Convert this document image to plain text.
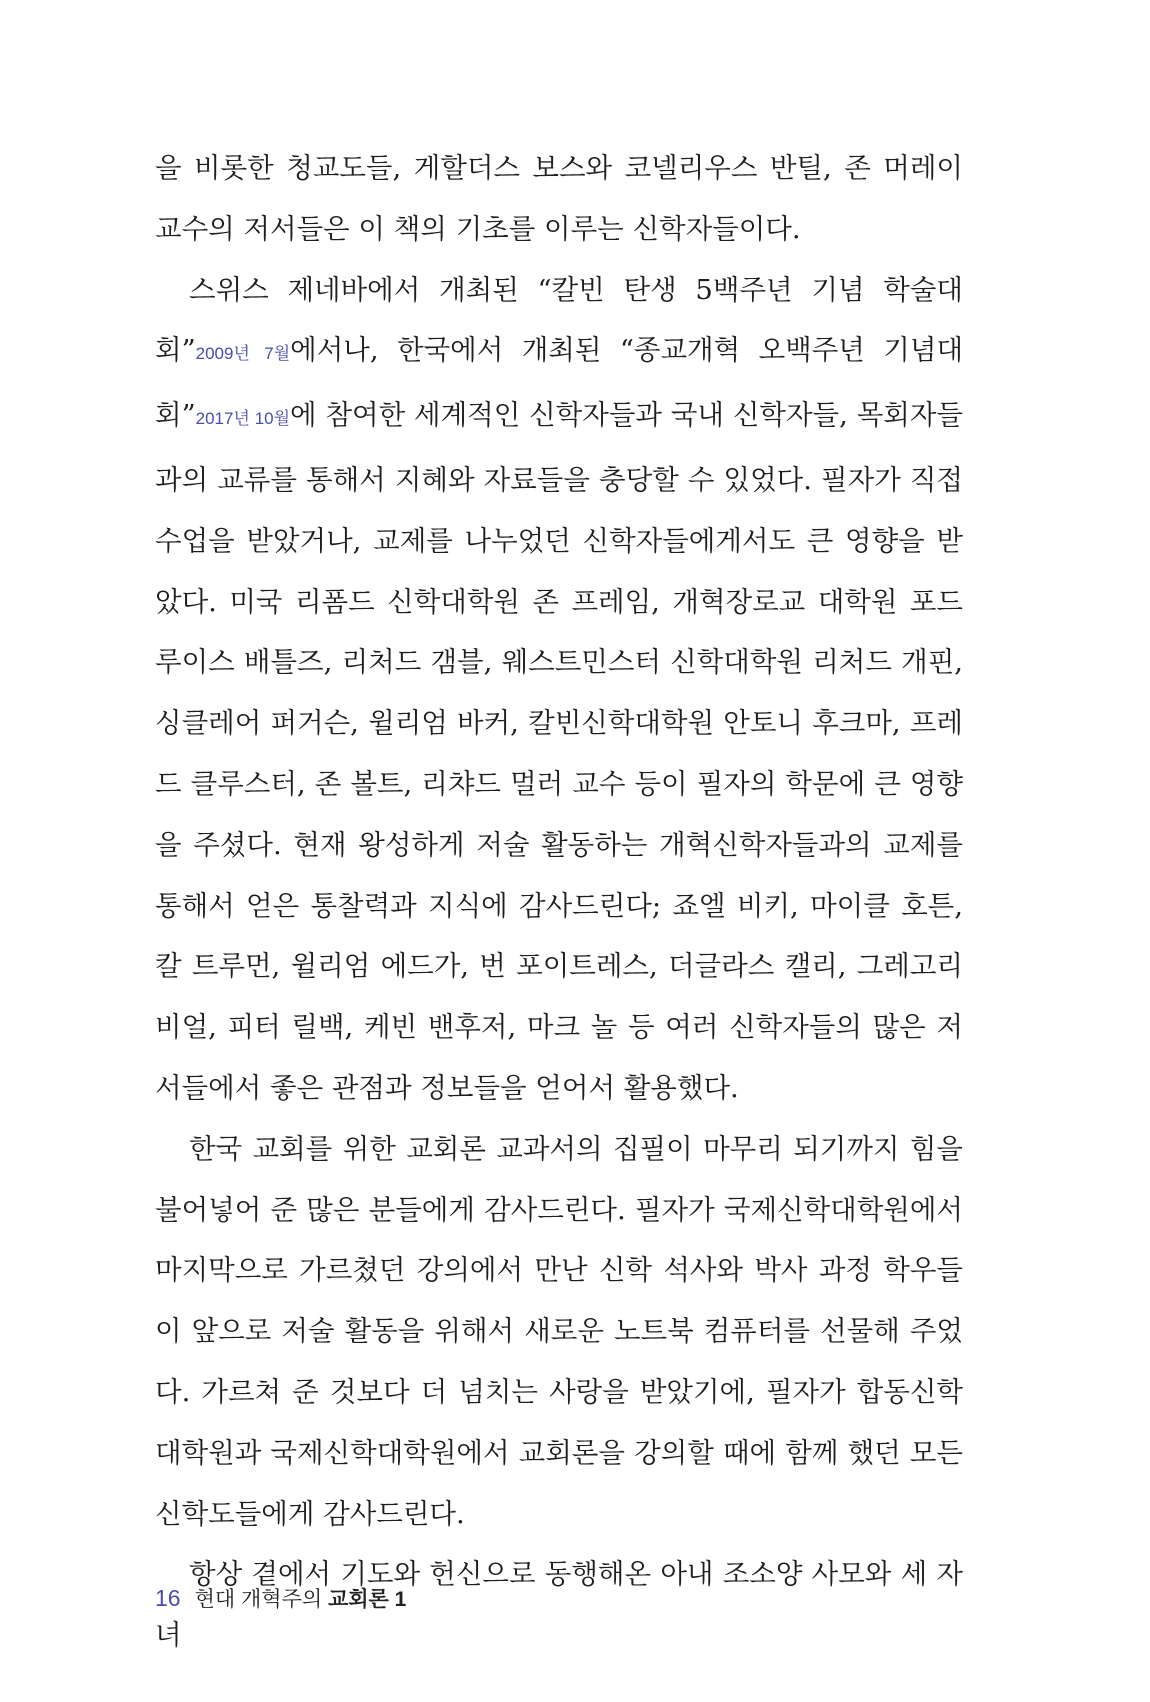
을 비롯한 청교도들, 게할더스 보스와 코넬리우스 반틸, 존 머레이 교수의 저서들은 이 책의 기초를 이루는 신학자들이다.

스위스 제네바에서 개최된 “칼빈 탄생 5백주년 기념 학술대회”2009년 7월에서나, 한국에서 개최된 “종교개혁 오백주년 기념대회”2017년 10월에 참여한 세계적인 신학자들과 국내 신학자들, 목회자들과의 교류를 통해서 지혜와 자료들을 충당할 수 있었다. 필자가 직접 수업을 받았거나, 교제를 나누었던 신학자들에게서도 큰 영향을 받았다. 미국 리폼드 신학대학원 존 프레임, 개혁장로교 대학원 포드 루이스 배틀즈, 리처드 갬블, 웨스트민스터 신학대학원 리처드 개핀, 싱클레어 퍼거슨, 윌리엄 바커, 칼빈신학대학원 안토니 후크마, 프레드 클루스터, 존 볼트, 리챠드 멀러 교수 등이 필자의 학문에 큰 영향을 주셨다. 현재 왕성하게 저술 활동하는 개혁신학자들과의 교제를 통해서 얻은 통찰력과 지식에 감사드린다; 죠엘 비키, 마이클 호튼, 칼 트루먼, 윌리엄 에드가, 번 포이트레스, 더글라스 캘리, 그레고리 비얼, 피터 릴백, 케빈 밴후저, 마크 놀 등 여러 신학자들의 많은 저서들에서 좋은 관점과 정보들을 얻어서 활용했다.

한국 교회를 위한 교회론 교과서의 집필이 마무리 되기까지 힘을 불어넣어 준 많은 분들에게 감사드린다. 필자가 국제신학대학원에서 마지막으로 가르쳤던 강의에서 만난 신학 석사와 박사 과정 학우들이 앞으로 저술 활동을 위해서 새로운 노트북 컴퓨터를 선물해 주었다. 가르쳐 준 것보다 더 넘치는 사랑을 받았기에, 필자가 합동신학대학원과 국제신학대학원에서 교회론을 강의할 때에 함께 했던 모든 신학도들에게 감사드린다.

항상 곁에서 기도와 헌신으로 동행해온 아내 조소양 사모와 세 자녀

16 현대 개혁주의 교회론 1
